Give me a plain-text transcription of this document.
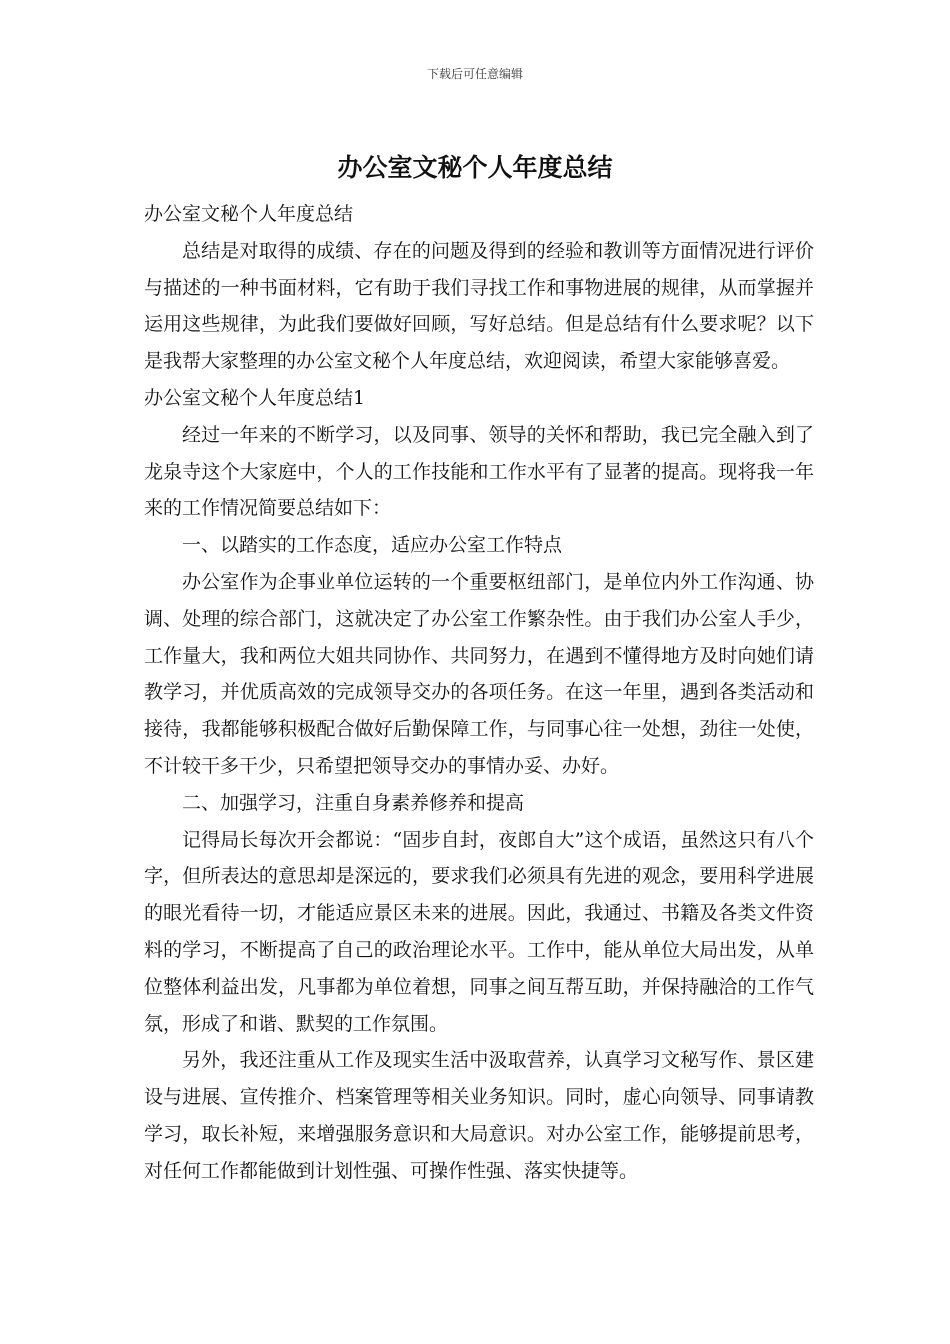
下载后可任意编辑
办公室文秘个人年度总结

办公室文秘个人年度总结

总结是对取得的成绩、存在的问题及得到的经验和教训等方面情况进行评价与描述的一种书面材料，它有助于我们寻找工作和事物进展的规律，从而掌握并运用这些规律，为此我们要做好回顾，写好总结。但是总结有什么要求呢？以下是我帮大家整理的办公室文秘个人年度总结，欢迎阅读，希望大家能够喜爱。

办公室文秘个人年度总结1

经过一年来的不断学习，以及同事、领导的关怀和帮助，我已完全融入到了龙泉寺这个大家庭中，个人的工作技能和工作水平有了显著的提高。现将我一年来的工作情况简要总结如下：

一、以踏实的工作态度，适应办公室工作特点

办公室作为企事业单位运转的一个重要枢纽部门，是单位内外工作沟通、协调、处理的综合部门，这就决定了办公室工作繁杂性。由于我们办公室人手少，工作量大，我和两位大姐共同协作、共同努力，在遇到不懂得地方及时向她们请教学习，并优质高效的完成领导交办的各项任务。在这一年里，遇到各类活动和接待，我都能够积极配合做好后勤保障工作，与同事心往一处想，劲往一处使，不计较干多干少，只希望把领导交办的事情办妥、办好。

二、加强学习，注重自身素养修养和提高

记得局长每次开会都说：“固步自封，夜郎自大”这个成语，虽然这只有八个字，但所表达的意思却是深远的，要求我们必须具有先进的观念，要用科学进展的眼光看待一切，才能适应景区未来的进展。因此，我通过、书籍及各类文件资料的学习，不断提高了自己的政治理论水平。工作中，能从单位大局出发，从单位整体利益出发，凡事都为单位着想，同事之间互帮互助，并保持融洽的工作气氛，形成了和谐、默契的工作氛围。

另外，我还注重从工作及现实生活中汲取营养，认真学习文秘写作、景区建设与进展、宣传推介、档案管理等相关业务知识。同时，虚心向领导、同事请教学习，取长补短，来增强服务意识和大局意识。对办公室工作，能够提前思考，对任何工作都能做到计划性强、可操作性强、落实快捷等。
